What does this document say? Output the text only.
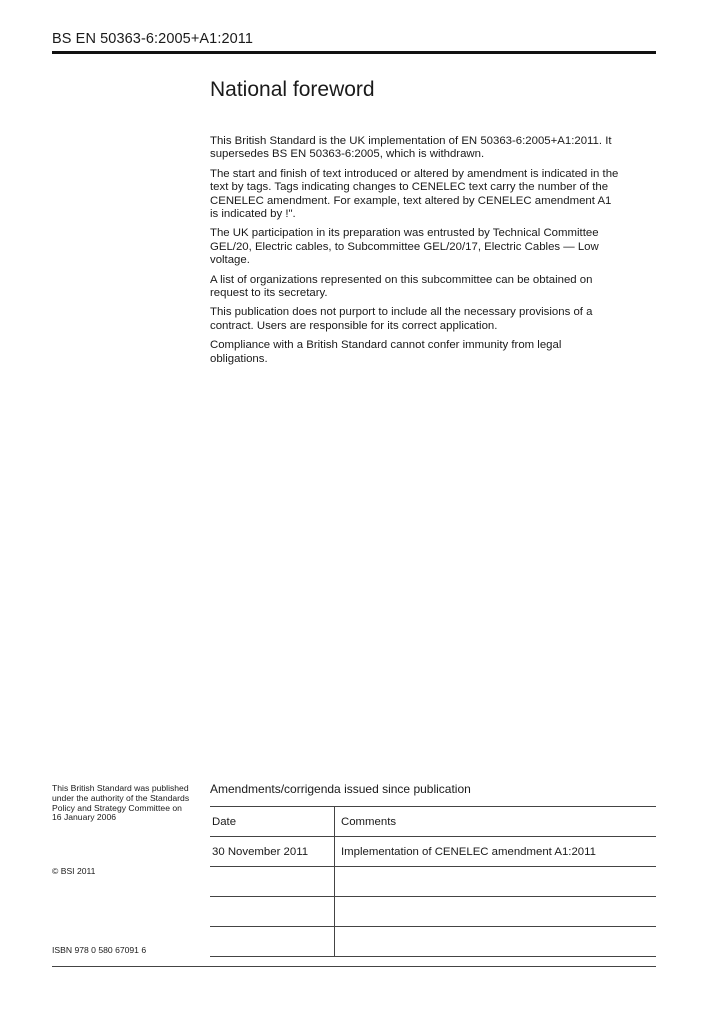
BS EN 50363-6:2005+A1:2011
National foreword

This British Standard is the UK implementation of EN 50363-6:2005+A1:2011. It supersedes BS EN 50363-6:2005, which is withdrawn.

The start and finish of text introduced or altered by amendment is indicated in the text by tags. Tags indicating changes to CENELEC text carry the number of the CENELEC amendment. For example, text altered by CENELEC amendment A1 is indicated by !".

The UK participation in its preparation was entrusted by Technical Committee GEL/20, Electric cables, to Subcommittee GEL/20/17, Electric Cables — Low voltage.

A list of organizations represented on this subcommittee can be obtained on request to its secretary.

This publication does not purport to include all the necessary provisions of a contract. Users are responsible for its correct application.

Compliance with a British Standard cannot confer immunity from legal obligations.

This British Standard was published under the authority of the Standards Policy and Strategy Committee on 16 January 2006
© BSI 2011
ISBN 978 0 580 67091 6
Amendments/corrigenda issued since publication
Date	Comments
30 November 2011	Implementation of CENELEC amendment A1:2011
